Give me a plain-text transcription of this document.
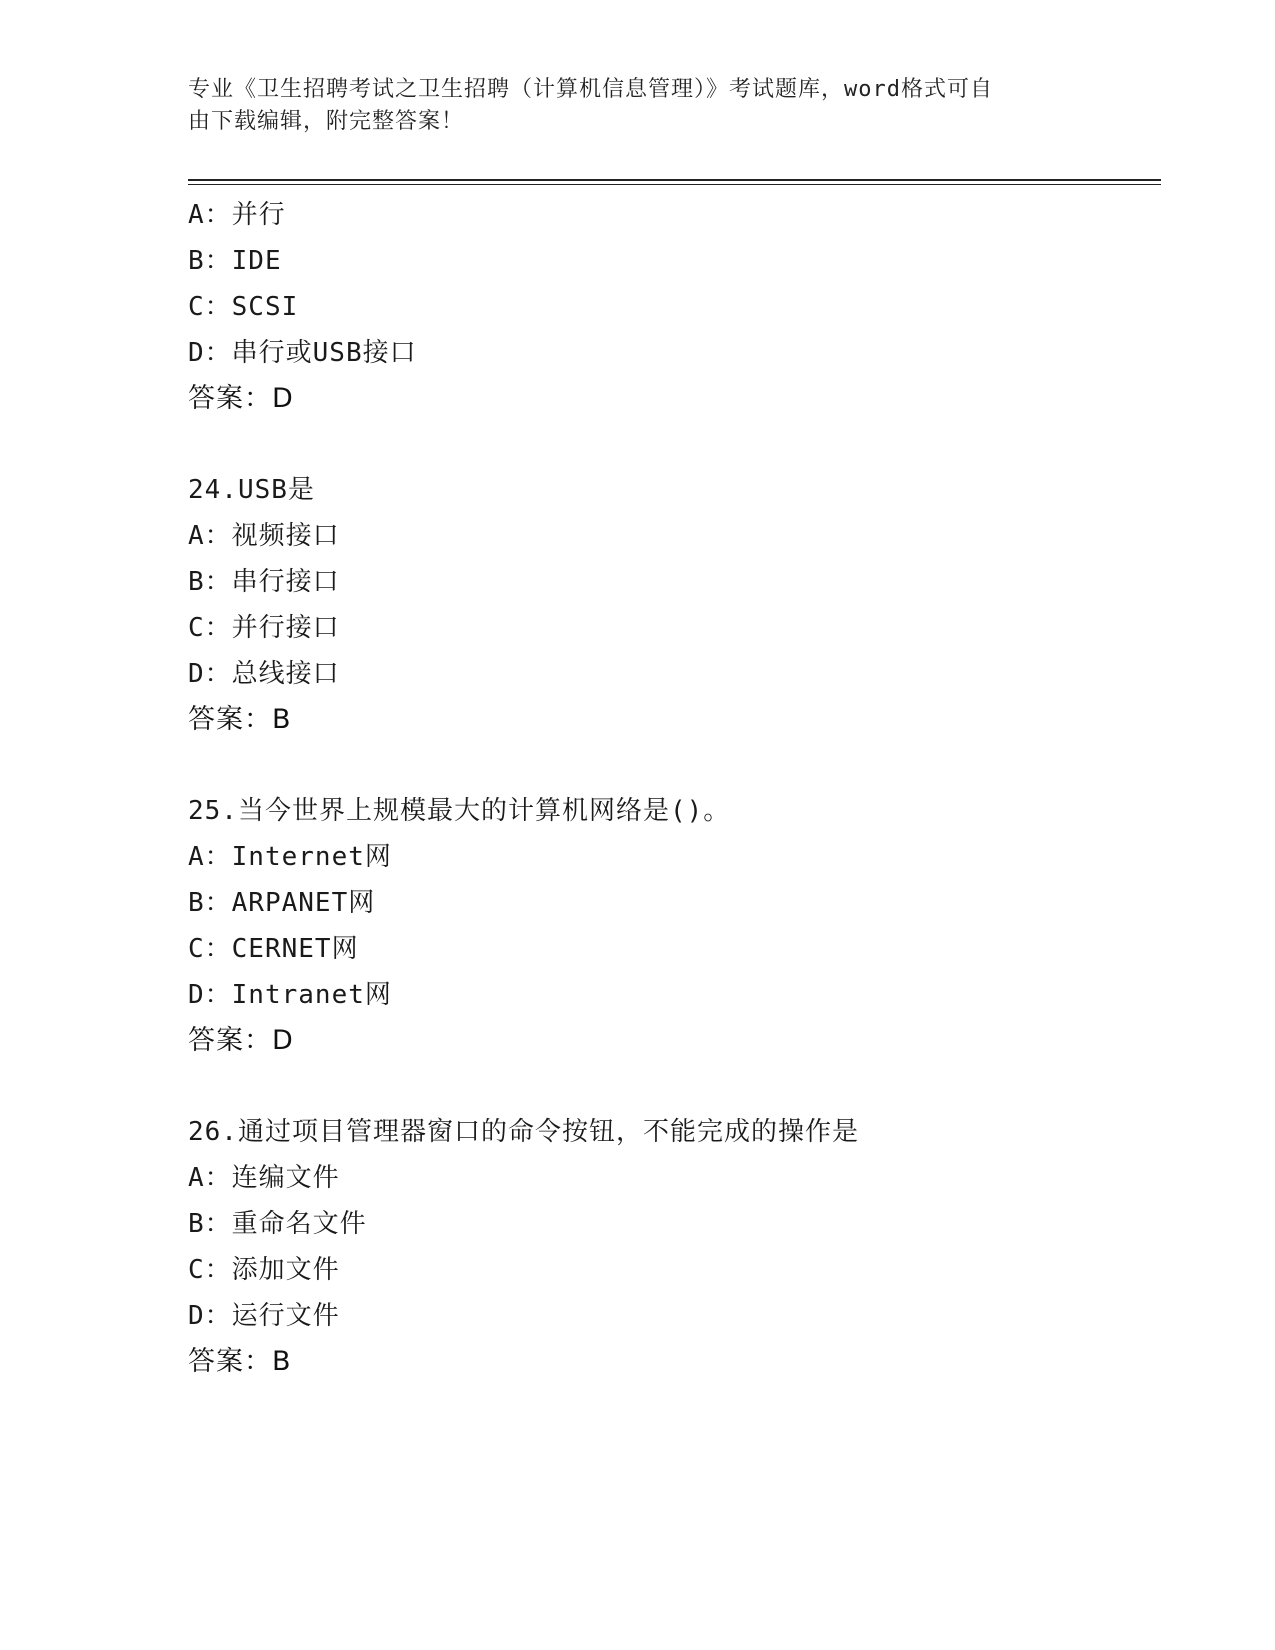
专业《卫生招聘考试之卫生招聘（计算机信息管理）》考试题库，word格式可自
由下载编辑，附完整答案！
A：并行
B：IDE
C：SCSI
D：串行或USB接口
答案：D
24.USB是
A：视频接口
B：串行接口
C：并行接口
D：总线接口
答案：B
25.当今世界上规模最大的计算机网络是()。
A：Internet网
B：ARPANET网
C：CERNET网
D：Intranet网
答案：D
26.通过项目管理器窗口的命令按钮，不能完成的操作是
A：连编文件
B：重命名文件
C：添加文件
D：运行文件
答案：B
